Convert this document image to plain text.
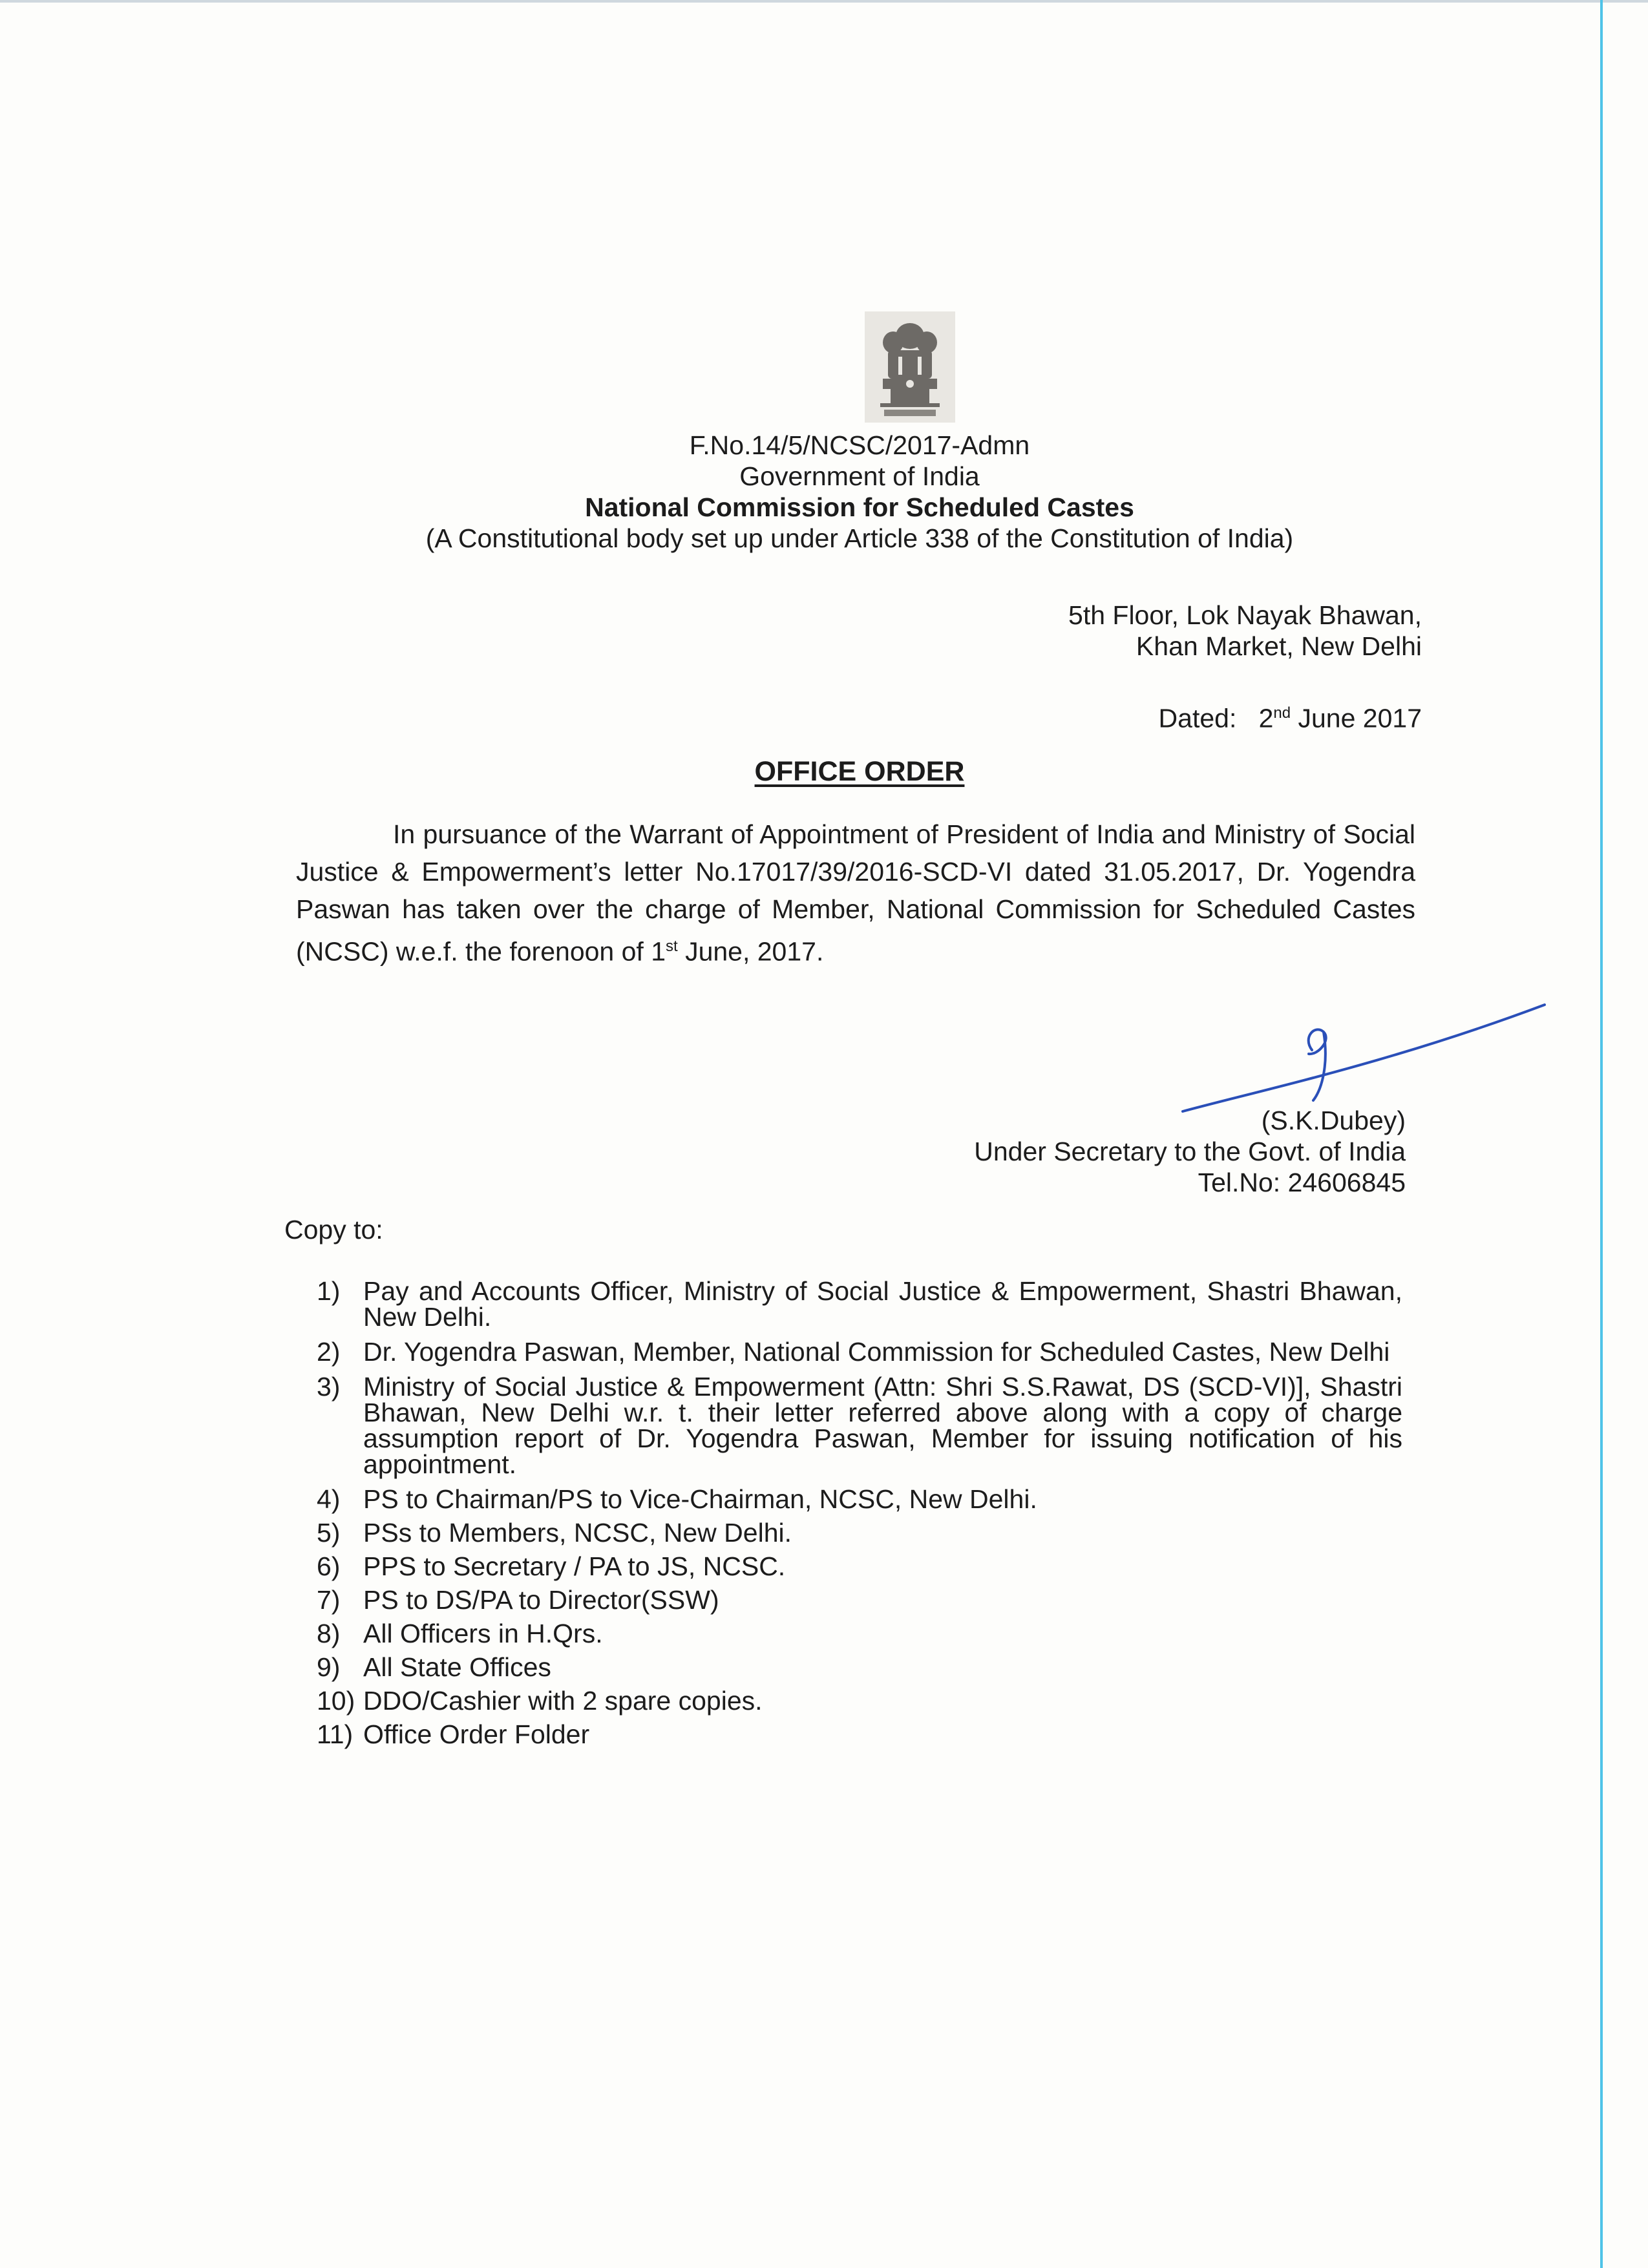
F.No.14/5/NCSC/2017-Admn
Government of India
National Commission for Scheduled Castes
(A Constitutional body set up under Article 338 of the Constitution of India)
5th Floor, Lok Nayak Bhawan,
Khan Market, New Delhi
Dated: 2nd June 2017
OFFICE ORDER
In pursuance of the Warrant of Appointment of President of India and Ministry of Social Justice & Empowerment’s letter No.17017/39/2016-SCD-VI dated 31.05.2017, Dr. Yogendra Paswan has taken over the charge of Member, National Commission for Scheduled Castes (NCSC) w.e.f. the forenoon of 1st June, 2017.
(S.K.Dubey)
Under Secretary to the Govt. of India
Tel.No: 24606845
Copy to:
1) Pay and Accounts Officer, Ministry of Social Justice & Empowerment, Shastri Bhawan, New Delhi.
2) Dr. Yogendra Paswan, Member, National Commission for Scheduled Castes, New Delhi
3) Ministry of Social Justice & Empowerment (Attn: Shri S.S.Rawat, DS (SCD-VI)], Shastri Bhawan, New Delhi w.r. t. their letter referred above along with a copy of charge assumption report of Dr. Yogendra Paswan, Member for issuing notification of his appointment.
4) PS to Chairman/PS to Vice-Chairman, NCSC, New Delhi.
5) PSs to Members, NCSC, New Delhi.
6) PPS to Secretary / PA to JS, NCSC.
7) PS to DS/PA to Director(SSW)
8) All Officers in H.Qrs.
9) All State Offices
10) DDO/Cashier with 2 spare copies.
11) Office Order Folder
